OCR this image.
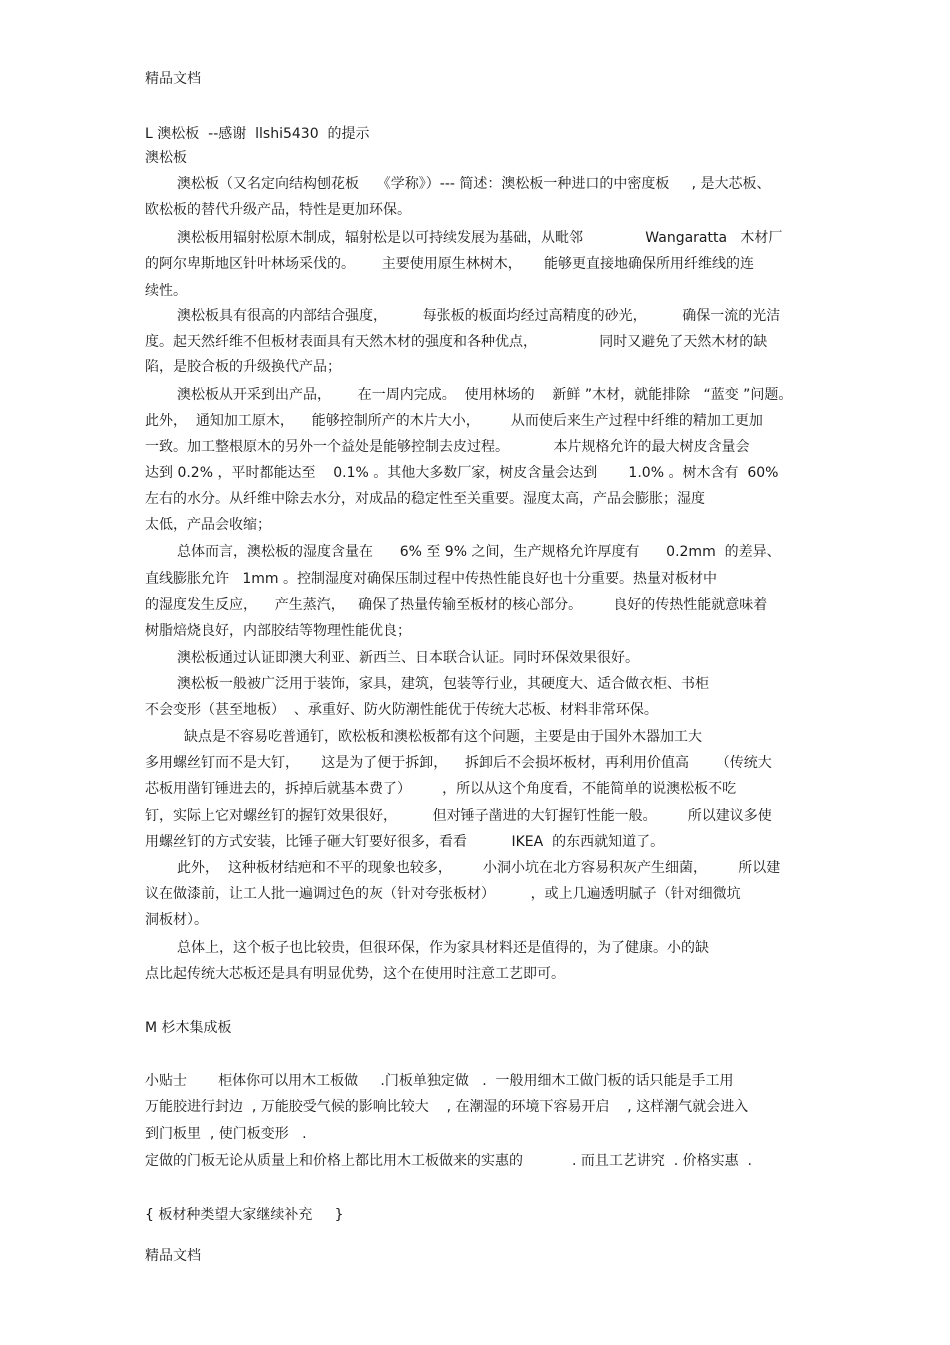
精品文档
L 澳松板  --感谢  llshi5430  的提示
澳松板
澳松板（又名定向结构刨花板    《学称》）--- 简述：澳松板一种进口的中密度板     , 是大芯板、
欧松板的替代升级产品，特性是更加环保。
澳松板用辐射松原木制成，辐射松是以可持续发展为基础，从毗邻              Wangaratta   木材厂
的阿尔卑斯地区针叶林场采伐的。      主要使用原生林树木，     能够更直接地确保所用纤维线的连
续性。
澳松板具有很高的内部结合强度，        每张板的板面均经过高精度的砂光，        确保一流的光洁
度。起天然纤维不但板材表面具有天然木材的强度和各种优点，              同时又避免了天然木材的缺
陷，是胶合板的升级换代产品；
澳松板从开采到出产品，      在一周内完成。  使用林场的    新鲜 ”木材，就能排除   “蓝变 ”问题。
此外，  通知加工原木，    能够控制所产的木片大小，       从而使后来生产过程中纤维的精加工更加
一致。加工整根原木的另外一个益处是能够控制去皮过程。          本片规格允许的最大树皮含量会
达到 0.2% ，平时都能达至    0.1% 。其他大多数厂家，树皮含量会达到       1.0% 。树木含有  60%
左右的水分。从纤维中除去水分，对成品的稳定性至关重要。湿度太高，产品会膨胀；湿度
太低，产品会收缩；
总体而言，澳松板的湿度含量在      6% 至 9% 之间，生产规格允许厚度有      0.2mm  的差异、
直线膨胀允许   1mm 。控制湿度对确保压制过程中传热性能良好也十分重要。热量对板材中
的湿度发生反应，    产生蒸汽，   确保了热量传输至板材的核心部分。       良好的传热性能就意味着
树脂焙烧良好，内部胶结等物理性能优良；
澳松板通过认证即澳大利亚、新西兰、日本联合认证。同时环保效果很好。
澳松板一般被广泛用于装饰，家具，建筑，包装等行业，其硬度大、适合做衣柜、书柜
不会变形（甚至地板）  、承重好、防火防潮性能优于传统大芯板、材料非常环保。
缺点是不容易吃普通钉，欧松板和澳松板都有这个问题，主要是由于国外木器加工大
多用螺丝钉而不是大钉，     这是为了便于拆卸，    拆卸后不会损坏板材，再利用价值高      （传统大
芯板用凿钉锤进去的，拆掉后就基本费了）       ，所以从这个角度看，不能简单的说澳松板不吃
钉，实际上它对螺丝钉的握钉效果很好，        但对锤子凿进的大钉握钉性能一般。       所以建议多使
用螺丝钉的方式安装，比锤子砸大钉要好很多，看看          IKEA  的东西就知道了。
此外，  这种板材结疤和不平的现象也较多，       小洞小坑在北方容易积灰产生细菌，       所以建
议在做漆前，让工人批一遍调过色的灰（针对夸张板材）        ，或上几遍透明腻子（针对细微坑
洞板材）。
总体上，这个板子也比较贵，但很环保，作为家具材料还是值得的，为了健康。小的缺
点比起传统大芯板还是具有明显优势，这个在使用时注意工艺即可。
M 杉木集成板
小贴士       柜体你可以用木工板做     .门板单独定做   .  一般用细木工做门板的话只能是手工用
万能胶进行封边  , 万能胶受气候的影响比较大    , 在潮湿的环境下容易开启    , 这样潮气就会进入
到门板里  , 使门板变形   .
定做的门板无论从质量上和价格上都比用木工板做来的实惠的           . 而且工艺讲究  . 价格实惠  .
{ 板材种类望大家继续补充     }
精品文档
